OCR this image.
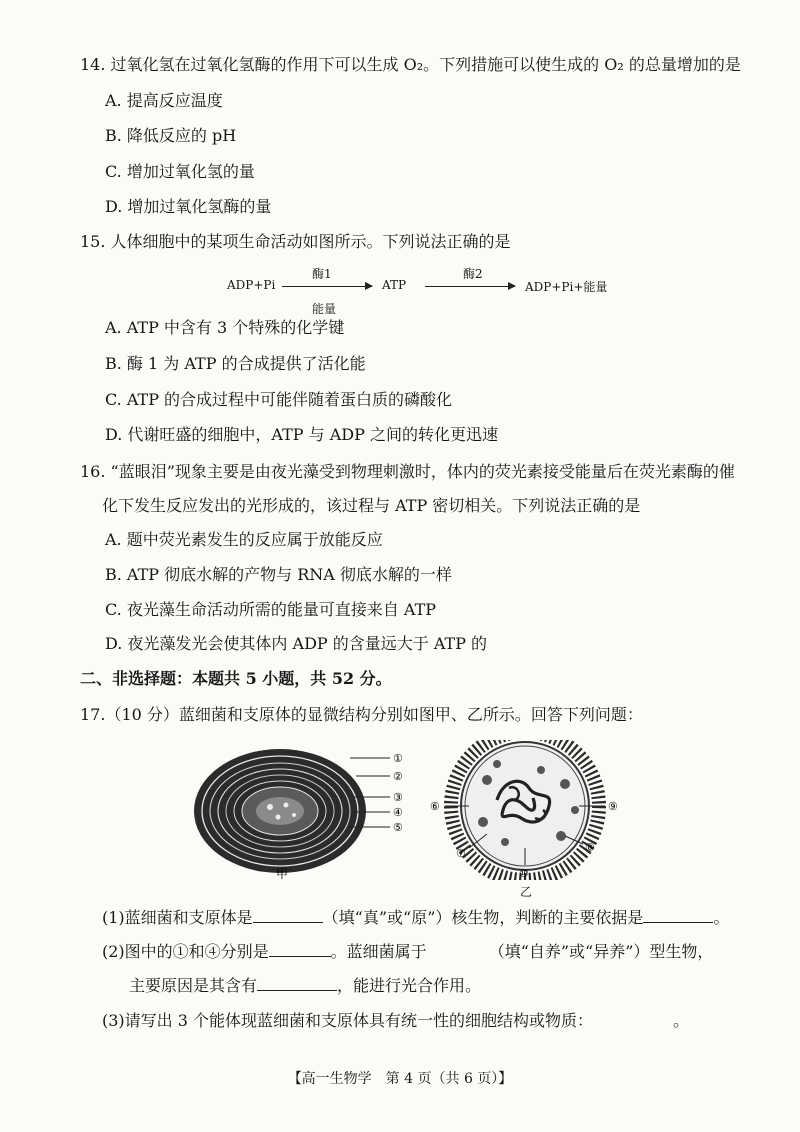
14. 过氧化氢在过氧化氢酶的作用下可以生成 O₂。下列措施可以使生成的 O₂ 的总量增加的是
A. 提高反应温度
B. 降低反应的 pH
C. 增加过氧化氢的量
D. 增加过氧化氢酶的量
15. 人体细胞中的某项生命活动如图所示。下列说法正确的是
ADP+Pi
酶1
能量
ATP
酶2
ADP+Pi+能量
A. ATP 中含有 3 个特殊的化学键
B. 酶 1 为 ATP 的合成提供了活化能
C. ATP 的合成过程中可能伴随着蛋白质的磷酸化
D. 代谢旺盛的细胞中，ATP 与 ADP 之间的转化更迅速
16. “蓝眼泪”现象主要是由夜光藻受到物理刺激时，体内的荧光素接受能量后在荧光素酶的催
化下发生反应发出的光形成的，该过程与 ATP 密切相关。下列说法正确的是
A. 题中荧光素发生的反应属于放能反应
B. ATP 彻底水解的产物与 RNA 彻底水解的一样
C. 夜光藻生命活动所需的能量可直接来自 ATP
D. 夜光藻发光会使其体内 ADP 的含量远大于 ATP 的
二、非选择题：本题共 5 小题，共 52 分。
17.（10 分）蓝细菌和支原体的显微结构分别如图甲、乙所示。回答下列问题：
①
②
③
④
⑤
甲
⑥
⑦	⑧
⑨
⑩
乙
(1)蓝细菌和支原体是	（填“真”或“原”）核生物，判断的主要依据是	。
(2)图中的①和④分别是	。蓝细菌属于	（填“自养”或“异养”）型生物，
主要原因是其含有	，能进行光合作用。
(3)请写出 3 个能体现蓝细菌和支原体具有统一性的细胞结构或物质：	。
【高一生物学　第 4 页（共 6 页）】
